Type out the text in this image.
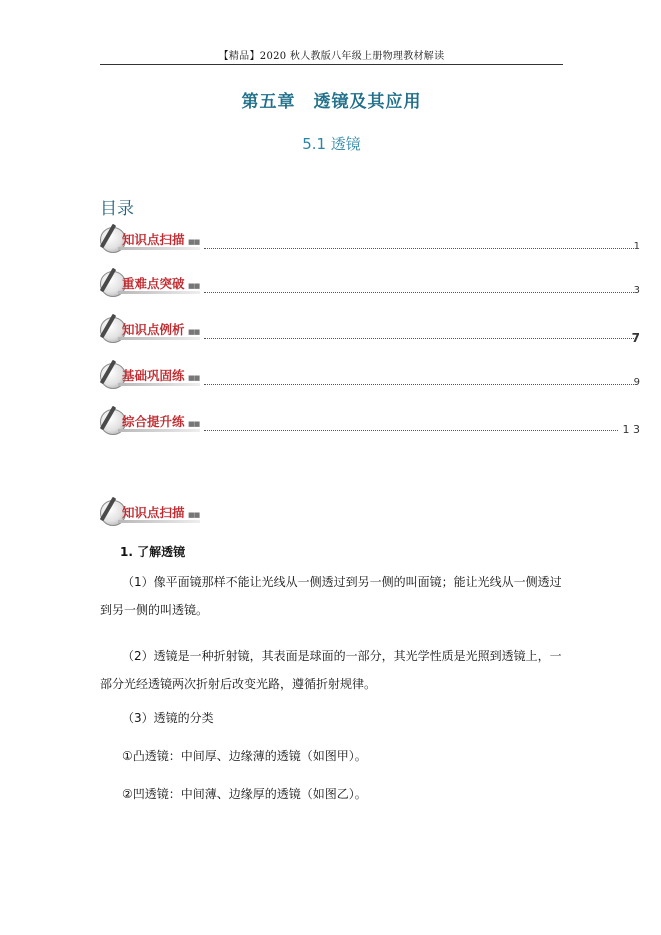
【精品】2020 秋人教版八年级上册物理教材解读
第五章　透镜及其应用
5.1 透镜
目录
知识点扫描 ■■	1
重难点突破 ■■	3
知识点例析 ■■	7
基础巩固练 ■■	9
综合提升练 ■■	1 3
知识点扫描 ■■
1. 了解透镜
（1）像平面镜那样不能让光线从一侧透过到另一侧的叫面镜；能让光线从一侧透过到另一侧的叫透镜。
（2）透镜是一种折射镜，其表面是球面的一部分，其光学性质是光照到透镜上，一部分光经透镜两次折射后改变光路，遵循折射规律。
（3）透镜的分类
①凸透镜：中间厚、边缘薄的透镜（如图甲）。
②凹透镜：中间薄、边缘厚的透镜（如图乙）。
